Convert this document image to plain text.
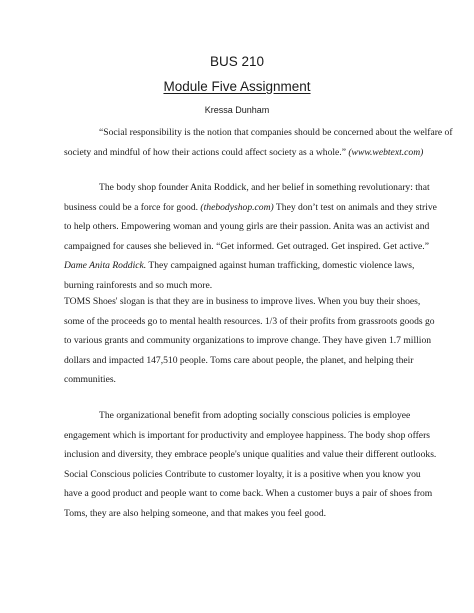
BUS 210
Module Five Assignment
Kressa Dunham
“Social responsibility is the notion that companies should be concerned about the welfare of
society and mindful of how their actions could affect society as a whole.” (www.webtext.com)
The body shop founder Anita Roddick, and her belief in something revolutionary: that
business could be a force for good. (thebodyshop.com) They don’t test on animals and they strive
to help others. Empowering woman and young girls are their passion. Anita was an activist and
campaigned for causes she believed in. “Get informed. Get outraged. Get inspired. Get active.”
Dame Anita Roddick. They campaigned against human trafficking, domestic violence laws,
burning rainforests and so much more.
TOMS Shoes' slogan is that they are in business to improve lives. When you buy their shoes,
some of the proceeds go to mental health resources. 1/3 of their profits from grassroots goods go
to various grants and community organizations to improve change. They have given 1.7 million
dollars and impacted 147,510 people. Toms care about people, the planet, and helping their
communities.
The organizational benefit from adopting socially conscious policies is employee
engagement which is important for productivity and employee happiness. The body shop offers
inclusion and diversity, they embrace people's unique qualities and value their different outlooks.
Social Conscious policies Contribute to customer loyalty, it is a positive when you know you
have a good product and people want to come back. When a customer buys a pair of shoes from
Toms, they are also helping someone, and that makes you feel good.
